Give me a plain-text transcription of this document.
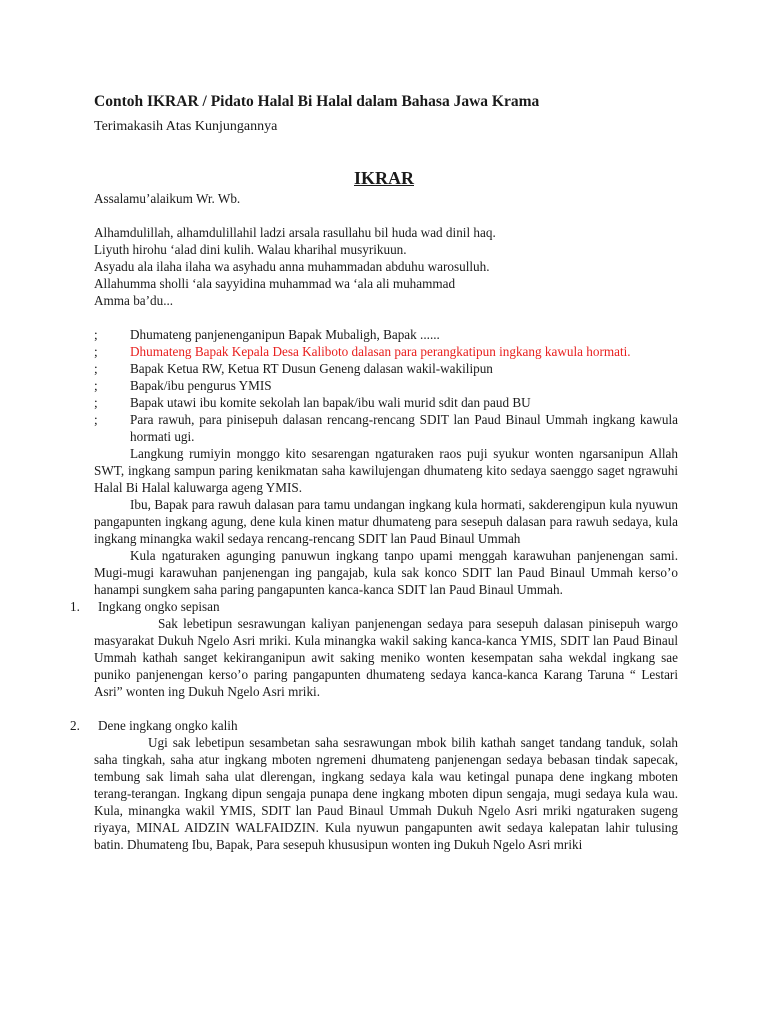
Contoh IKRAR / Pidato Halal Bi Halal dalam Bahasa Jawa Krama
Terimakasih Atas Kunjungannya
IKRAR
Assalamu’alaikum Wr. Wb.
Alhamdulillah, alhamdulillahil ladzi arsala rasullahu bil huda wad dinil haq.
Liyuth hirohu ‘alad dini kulih. Walau kharihal musyrikuun.
Asyadu ala ilaha ilaha wa asyhadu anna muhammadan abduhu warosulluh.
Allahumma sholli ‘ala sayyidina muhammad wa ‘ala ali muhammad
Amma ba’du...
;	Dhumateng panjenenganipun Bapak Mubaligh, Bapak ......
;	Dhumateng Bapak Kepala Desa Kaliboto dalasan para perangkatipun ingkang kawula hormati.
;	Bapak Ketua RW, Ketua RT Dusun Geneng dalasan wakil-wakilipun
;	Bapak/ibu pengurus YMIS
;	Bapak utawi ibu komite sekolah lan bapak/ibu wali murid sdit dan paud BU
;	Para rawuh, para pinisepuh dalasan rencang-rencang SDIT lan Paud Binaul Ummah ingkang kawula hormati ugi.

Langkung rumiyin monggo kito sesarengan ngaturaken raos puji syukur wonten ngarsanipun Allah SWT, ingkang sampun paring kenikmatan saha kawilujengan dhumateng kito sedaya saenggo saget ngrawuhi Halal Bi Halal kaluwarga ageng YMIS.

Ibu, Bapak para rawuh dalasan para tamu undangan ingkang kula hormati, sakderengipun kula nyuwun pangapunten ingkang agung, dene kula kinen matur dhumateng para sesepuh dalasan para rawuh sedaya, kula ingkang minangka wakil sedaya rencang-rencang SDIT lan Paud Binaul Ummah

Kula ngaturaken agunging panuwun ingkang tanpo upami menggah karawuhan panjenengan sami. Mugi-mugi karawuhan panjenengan ing pangajab, kula sak konco SDIT lan Paud Binaul Ummah kerso’o hanampi sungkem saha paring pangapunten kanca-kanca SDIT lan Paud Binaul Ummah.

1.	Ingkang ongko sepisan

Sak lebetipun sesrawungan kaliyan panjenengan sedaya para sesepuh dalasan pinisepuh wargo masyarakat Dukuh Ngelo Asri mriki. Kula minangka wakil saking kanca-kanca YMIS, SDIT lan Paud Binaul Ummah kathah sanget kekiranganipun awit saking meniko wonten kesempatan saha wekdal ingkang sae puniko panjenengan kerso’o paring pangapunten dhumateng sedaya kanca-kanca Karang Taruna “ Lestari Asri” wonten ing Dukuh Ngelo Asri mriki.

2.	Dene ingkang ongko kalih

Ugi sak lebetipun sesambetan saha sesrawungan mbok bilih kathah sanget tandang tanduk, solah saha tingkah, saha atur ingkang mboten ngremeni dhumateng panjenengan sedaya bebasan tindak sapecak, tembung sak limah saha ulat dlerengan, ingkang sedaya kala wau ketingal punapa dene ingkang mboten terang-terangan. Ingkang dipun sengaja punapa dene ingkang mboten dipun sengaja, mugi sedaya kula wau. Kula, minangka wakil YMIS, SDIT lan Paud Binaul Ummah Dukuh Ngelo Asri mriki ngaturaken sugeng riyaya, MINAL AIDZIN WALFAIDZIN. Kula nyuwun pangapunten awit sedaya kalepatan lahir tulusing batin. Dhumateng Ibu, Bapak, Para sesepuh khususipun wonten ing Dukuh Ngelo Asri mriki
